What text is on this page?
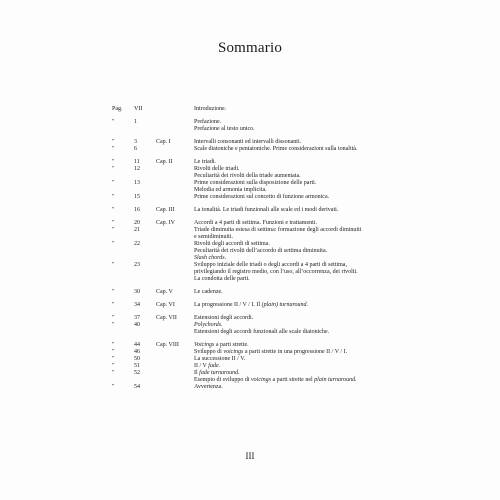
Sommario
Pag.	VII	Introduzione.
"	1	Prefazione.
Prefazione al testo unico.
"	3	Cap. I	Intervalli consonanti ed intervalli dissonanti.
"	6	Scale diatoniche e pentatoniche. Prime considerazioni sulla tonalità.
"	11	Cap. II	Le triadi.
"	12	Rivolti delle triadi.
Peculiarità dei rivolti della triade aumentata.
"	13	Prime considerazioni sulla disposizione delle parti.
Melodia ed armonia implicita.
"	15	Prime considerazioni sul concetto di funzione armonica.
"	16	Cap. III	La tonalità. Le triadi funzionali alle scale ed i modi derivati.
"	20	Cap. IV	Accordi a 4 parti di settima. Funzioni e trattamenti.
"	21	Triade diminuita estesa di settima: formazione degli accordi diminuiti
e semidiminuiti.
"	22	Rivolti degli accordi di settima.
Peculiarità dei rivolti dell’accordo di settima diminuita.
Slash chords.
"	23	Sviluppo iniziale delle triadi o degli accordi a 4 parti di settima,
privilegiando il registro medio, con l’uso, all’occorrenza, dei rivolti.
La condotta delle parti.
"	30	Cap. V	Le cadenze.
"	34	Cap. VI	La progressione II / V / I. Il (plain) turnaround.
"	37	Cap. VII	Estensioni degli accordi.
"	40	Polychords.
Estensioni degli accordi funzionali alle scale diatoniche.
"	44	Cap. VIII	Voicings a parti strette.
"	46	Sviluppo di voicings a parti strette in una progressione II / V / I.
"	50	La successione II / V.
"	51	II / V fade.
"	52	Il fade turnaround.
Esempio di sviluppo di voicings a parti strette nel plain turnaround.
"	54	Avvertenza.
III
